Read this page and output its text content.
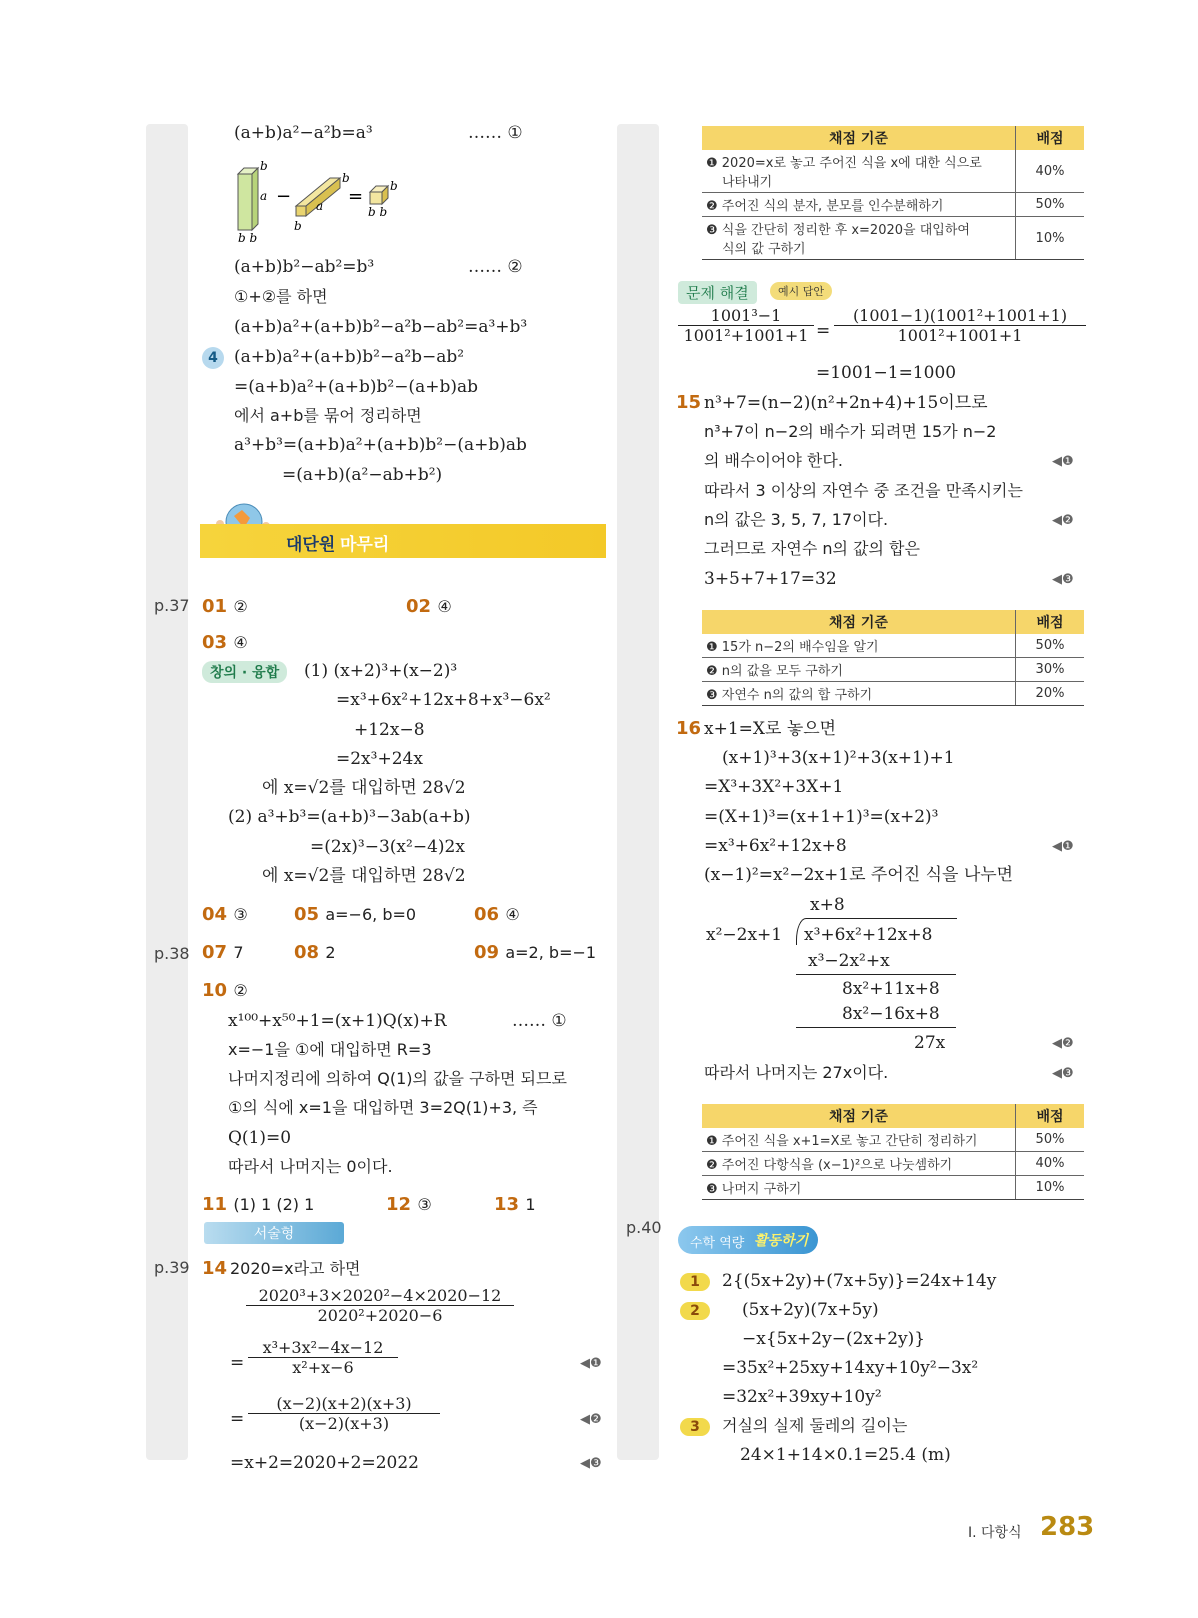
(a+b)a²−a²b=a³	…… ①
b
a
b b
−
b
a
b
= b
b b
(a+b)b²−ab²=b³	…… ②
①+②를 하면
(a+b)a²+(a+b)b²−a²b−ab²=a³+b³
4 (a+b)a²+(a+b)b²−a²b−ab²
=(a+b)a²+(a+b)b²−(a+b)ab
에서 a+b를 묶어 정리하면
a³+b³=(a+b)a²+(a+b)b²−(a+b)ab
=(a+b)(a²−ab+b²)
대단원 마무리
p.37
p.38
p.39
p.40
01 ②	02 ④
03 ④
창의 · 융합	(1) (x+2)³+(x−2)³
=x³+6x²+12x+8+x³−6x²
+12x−8
=2x³+24x
에 x=√2를 대입하면 28√2
(2) a³+b³=(a+b)³−3ab(a+b)
=(2x)³−3(x²−4)2x
에 x=√2를 대입하면 28√2
04 ③	05 a=−6, b=0	06 ④
07 7	08 2	09 a=2, b=−1
10 ②
x¹⁰⁰+x⁵⁰+1=(x+1)Q(x)+R	…… ①
x=−1을 ①에 대입하면 R=3
나머지정리에 의하여 Q(1)의 값을 구하면 되므로
①의 식에 x=1을 대입하면 3=2Q(1)+3, 즉
Q(1)=0
따라서 나머지는 0이다.
11 (1) 1 (2) 1	12 ③	13 1
서술형
14 2020=x라고 하면
$\frac{\text{2020³+3×2020²−4×2020−12}}{\text{2020²+2020−6}}$
= $\frac{\text{x³+3x²−4x−12}}{\text{x²+x−6}}$	◀❶
= $\frac{(x-2)(x+2)(x+3)}{(x-2)(x+3)}$	◀❷
=x+2=2020+2=2022	◀❸
채점 기준	배점

❶ 2020=x로 놓고 주어진 식을 x에 대한 식으로
나타내기	40%
❷ 주어진 식의 분자, 분모를 인수분해하기	50%

❸ 식을 간단히 정리한 후 x=2020을 대입하여
식의 값 구하기	10%
문제 해결	예시 답안
$\frac{\text{1001³−1}}{\text{1001²+1001+1}} = \frac{\text{(1001−1)(1001²+1001+1)}}{\text{1001²+1001+1}}$
=1001−1=1000
15 n³+7=(n−2)(n²+2n+4)+15이므로
n³+7이 n−2의 배수가 되려면 15가 n−2
의 배수이어야 한다.	◀❶
따라서 3 이상의 자연수 중 조건을 만족시키는
n의 값은 3, 5, 7, 17이다.	◀❷
그러므로 자연수 n의 값의 합은
3+5+7+17=32	◀❸
채점 기준	배점
❶ 15가 n−2의 배수임을 알기	50%
❷ n의 값을 모두 구하기	30%
❸ 자연수 n의 값의 합 구하기	20%
16 x+1=X로 놓으면
(x+1)³+3(x+1)²+3(x+1)+1
=X³+3X²+3X+1
=(X+1)³=(x+1+1)³=(x+2)³
=x³+6x²+12x+8	◀❶
(x−1)²=x²−2x+1로 주어진 식을 나누면
x+8
x²−2x+1 x³+6x²+12x+8
x³−2x²+x
8x²+11x+8
8x²−16x+8
27x	◀❷
따라서 나머지는 27x이다.	◀❸
채점 기준	배점
❶ 주어진 식을 x+1=X로 놓고 간단히 정리하기	50%
❷ 주어진 다항식을 (x−1)²으로 나눗셈하기	40%
❸ 나머지 구하기	10%
수학 역량 활동하기
1	2{(5x+2y)+(7x+5y)}=24x+14y
2	(5x+2y)(7x+5y)
−x{5x+2y−(2x+2y)}
=35x²+25xy+14xy+10y²−3x²
=32x²+39xy+10y²
3	거실의 실제 둘레의 길이는
24×1+14×0.1=25.4 (m)
Ⅰ. 다항식 283
